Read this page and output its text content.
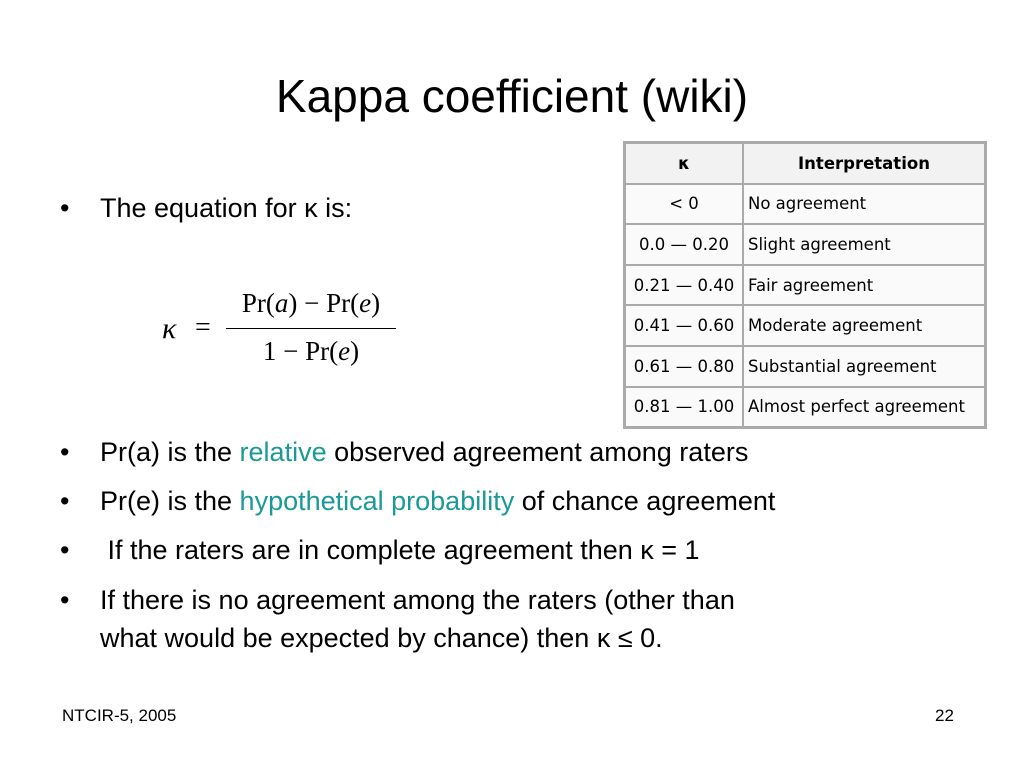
Kappa coefficient (wiki)
•	The equation for κ is:
κ =
Pr(a) − Pr(e)
1 − Pr(e)
κ	Interpretation
< 0	No agreement
0.0 — 0.20	Slight agreement
0.21 — 0.40	Fair agreement
0.41 — 0.60	Moderate agreement
0.61 — 0.80	Substantial agreement
0.81 — 1.00	Almost perfect agreement
•	Pr(a) is the relative observed agreement among raters
•	Pr(e) is the hypothetical probability of chance agreement
•	If the raters are in complete agreement then κ = 1
•	If there is no agreement among the raters (other than
what would be expected by chance) then κ ≤ 0.
NTCIR-5, 2005	22
